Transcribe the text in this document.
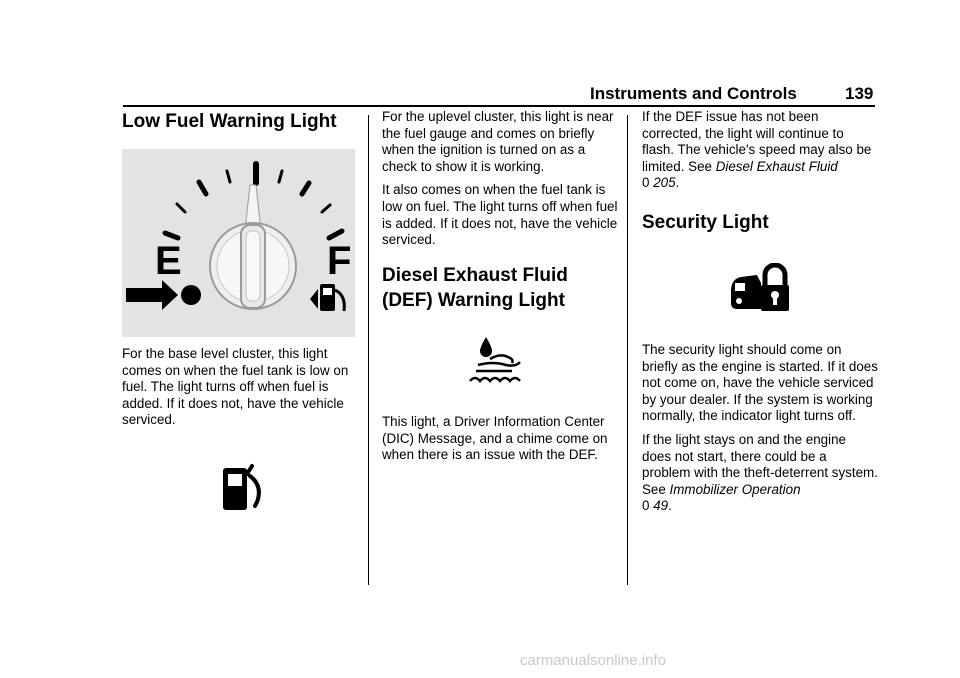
Instruments and Controls	139
Low Fuel Warning Light
E	F

For the base level cluster, this light comes on when the fuel tank is low on fuel. The light turns off when fuel is added. If it does not, have the vehicle serviced.

For the uplevel cluster, this light is near the fuel gauge and comes on briefly when the ignition is turned on as a check to show it is working.

It also comes on when the fuel tank is low on fuel. The light turns off when fuel is added. If it does not, have the vehicle serviced.

Diesel Exhaust Fluid
(DEF) Warning Light

This light, a Driver Information Center (DIC) Message, and a chime come on when there is an issue with the DEF.

If the DEF issue has not been corrected, the light will continue to flash. The vehicle's speed may also be limited. See Diesel Exhaust Fluid
0 205.

Security Light

The security light should come on briefly as the engine is started. If it does not come on, have the vehicle serviced by your dealer. If the system is working normally, the indicator light turns off.

If the light stays on and the engine does not start, there could be a problem with the theft-deterrent system. See Immobilizer Operation
0 49.

carmanualsonline.info
